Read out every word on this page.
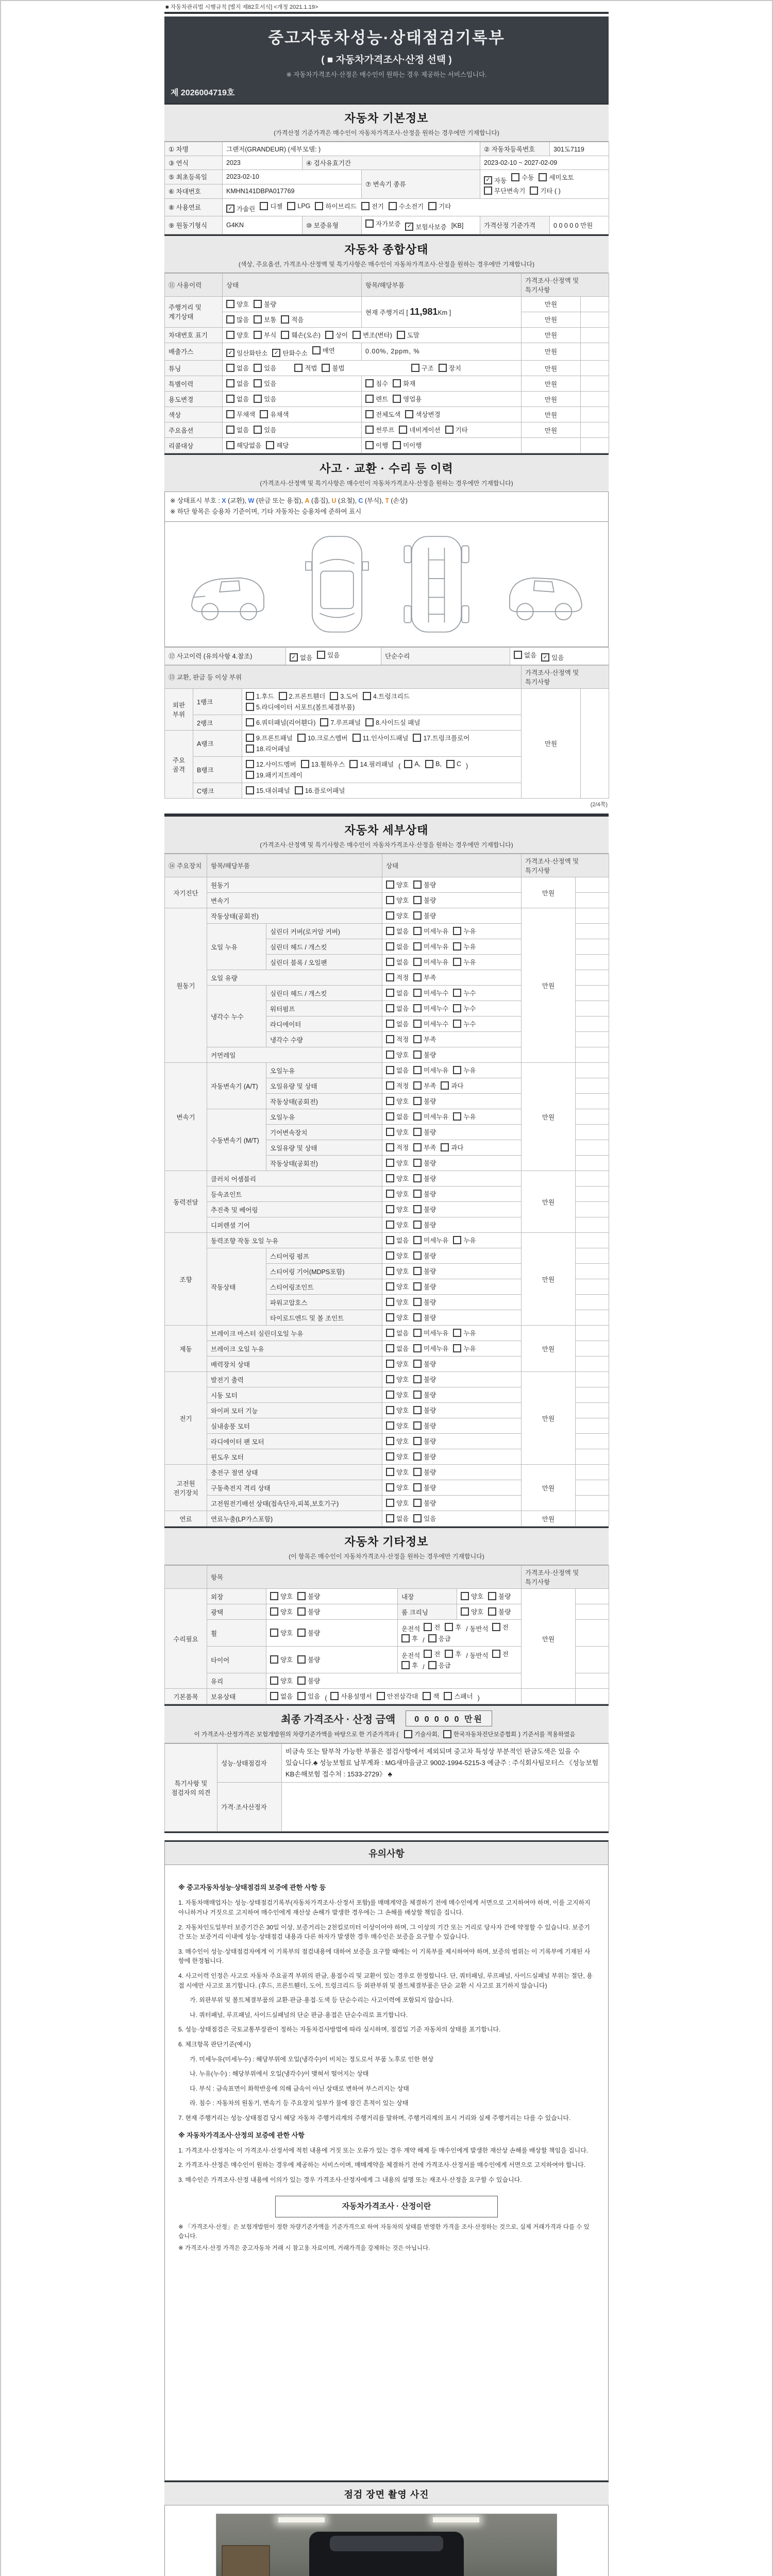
■ 자동차관리법 시행규칙 [별지 제82호서식] <개정 2021.1.19>
중고자동차성능·상태점검기록부
( ■ 자동차가격조사·산정 선택 )
※ 자동차가격조사·산정은 매수인이 원하는 경우 제공하는 서비스입니다.
제 2026004719호
자동차 기본정보
(가격산정 기준가격은 매수인이 자동차가격조사·산정을 원하는 경우에만 기재합니다)
① 차명	그랜저(GRANDEUR) (세부모델: )			② 자동차등록번호	301도7119
③ 연식	2023	④ 검사유효기간		2023-02-10 ~ 2027-02-09	
⑤ 최초등록일	2023-02-10	⑦ 변속기 종류	
✓ 자동 수동 세미오토

무단변속기 기타 ( )

⑥ 차대번호	KMHN141DBPA017769				
⑧ 사용연료	✓ 가솔린 디젤 LPG 하이브리드 전기 수소전기 기타

⑨ 원동기형식	G4KN	⑩ 보증유형	자가보증 ✓ 보험사보증 [KB]	가격산정 기준가격	0 0 0 0 0 만원
자동차 종합상태
(색상, 주요옵션, 가격조사·산정액 및 특기사항은 매수인이 자동차가격조사·산정을 원하는 경우에만 기재합니다)
⑪ 사용이력	상태	항목/해당부품	가격조사·산정액 및 특기사항	
주행거리 및 계기상태	양호 불량	현재 주행거리 [ 11,981Km ]	만원	

	많음 보통 적음		만원	
차대번호 표기	양호 부식 훼손(오손) 상이 변조(변타) 도말	만원	
배출가스	✓ 일산화탄소 ✓ 탄화수소 매연	0.00%, 2ppm, %	만원	
튜닝	없음 있음	적법 불법	구조 장치	만원	
특별이력	없음 있음	침수 화재	만원	
용도변경	없음 있음	렌트 영업용	만원	
색상	무채색 유채색	전체도색 색상변경	만원	
주요옵션	없음 있음	썬루프 네비게이션 기타	만원	
리콜대상	해당없음 해당	이행 미이행		

사고 · 교환 · 수리 등 이력
(가격조사·산정액 및 특기사항은 매수인이 자동차가격조사·산정을 원하는 경우에만 기재합니다)
※ 상태표시 부호 : X (교환), W (판금 또는 용접), A (흠집), U (요철), C (부식), T (손상)
※ 하단 항목은 승용차 기준이며, 기타 자동차는 승용차에 준하여 표시
⑫ 사고이력 (유의사항 4.참조)	✓ 없음 있음	단순수리	없음	✓ 있음
⑬ 교환, 판금 등 이상 부위			가격조사·산정액 및 특기사항	
외판 부위	1랭크	1.후드 2.프론트휀더 3.도어 4.트렁크리드

5.라디에이터 서포트(볼트체결부품)	만원	
	2랭크	6.쿼터패널(리어휀다) 7.루프패널 8.사이드실 패널		

주요 골격	A랭크	9.프론트패널 10.크로스멤버 11.인사이드패널 17.트렁크플로어

18.리어패널		

B랭크	
12.사이드멤버 13.휠하우스 14.필러패널 ( A, B, C )

19.패키지트레이

	C랭크	15.대쉬패널 16.플로어패널		
(2/4쪽)
자동차 세부상태
(가격조사·산정액 및 특기사항은 매수인이 자동차가격조사·산정을 원하는 경우에만 기재합니다)
⑭ 주요장치	항목/해당부품		상태	가격조사·산정액 및 특기사항	
자기진단	원동기		양호 불량	만원	
	변속기		양호 불량		

원동기	작동상태(공회전)		양호 불량	만원	
	오일 누유	실린더 커버(로커암 커버)	없음 미세누유 누유		

		실린더 헤드 / 개스킷	없음 미세누유 누유		

		실린더 블록 / 오일팬	없음 미세누유 누유		

	오일 유량		적정 부족		

	냉각수 누수	실린더 헤드 / 개스킷	없음 미세누수 누수		

		워터펌프	없음 미세누수 누수		

		라디에이터	없음 미세누수 누수		

		냉각수 수량	적정 부족		

	커먼레일		양호 불량		

변속기	자동변속기 (A/T)	오일누유	없음 미세누유 누유	만원	
		오일유량 및 상태	적정 부족 과다		

		작동상태(공회전)	양호 불량		

	수동변속기 (M/T)	오일누유	없음 미세누유 누유		

		기어변속장치	양호 불량		

		오일유량 및 상태	적정 부족 과다		

		작동상태(공회전)	양호 불량		

동력전달	클러치 어셈블리		양호 불량	만원	
	등속죠인트		양호 불량		

	추진축 및 베어링		양호 불량		

	디퍼렌셜 기어		양호 불량		

조향	동력조향 작동 오일 누유		없음 미세누유 누유	만원	
	작동상태	스티어링 펌프	양호 불량		

		스티어링 기어(MDPS포함)	양호 불량		

		스티어링조인트	양호 불량		

		파워고압호스	양호 불량		

		타이로드엔드 및 볼 조인트	양호 불량		

제동	브레이크 마스터 실린더오일 누유		없음 미세누유 누유	만원	
	브레이크 오일 누유		없음 미세누유 누유		

	배력장치 상태		양호 불량		

전기	발전기 출력		양호 불량	만원	
	시동 모터		양호 불량		

	와이퍼 모터 기능		양호 불량		

	실내송풍 모터		양호 불량		

	라디에이터 팬 모터		양호 불량		

	윈도우 모터		양호 불량		

고전원 전기장치	충전구 절연 상태		양호 불량	만원	
	구동축전지 격리 상태		양호 불량		

	고전원전기배선 상태(접속단자,피복,보호기구)		양호 불량		

연료	연료누출(LP가스포함)		없음 있음	만원	
자동차 기타정보
(이 항목은 매수인이 자동차가격조사·산정을 원하는 경우에만 기재합니다)
	항목				가격조사·산정액 및 특기사항	
수리필요	외장	양호 불량	내장	양호 불량	만원	
	광택	양호 불량	룸 크리닝	양호 불량		

휠	양호 불량
	운전석 전 후 / 동반석 전
후 / 응급

타이어	양호 불량
	운전석 전 후 / 동반석 전
후 / 응급

	유리	양호 불량				

기본품목	보유상태	없음 있음 ( 사용설명서 안전삼각대 잭 스패너 )		
최종 가격조사 · 산정 금액	0 0 0 0 0 만원
이 가격조사·산정가격은 보험개발원의 차량기준가액을 바탕으로 한 기준가격과 (	기술사회, 한국자동차진단보증협회 ) 기준서를 적용하였음
특기사항 및 점검자의 의견	성능·상태점검자	비금속 또는 탈부착 가능한 부품은 점검사항에서 제외되며 중고차 특성상 부분적인 판금도색은 있을 수 있습니다.♣ 성능보험료 납부계좌 : MG새마을금고 9002-1994-5215-3 예금주 : 주식회사팀모터스 《성능보험 KB손해보험 접수처 : 1533-2729》 ♣
	가격·조사산정자	
유의사항

※ 중고자동차성능·상태점검의 보증에 관한 사항 등

1. 자동차매매업자는 성능·상태점검기록부(자동차가격조사·산정서 포함)를 매매계약을 체결하기 전에 매수인에게 서면으로 고지하여야 하며, 이를 고지하지 아니하거나 거짓으로 고지하여 매수인에게 재산상 손해가 발생한 경우에는 그 손해를 배상할 책임을 집니다.

2. 자동차인도일부터 보증기간은 30일 이상, 보증거리는 2천킬로미터 이상이어야 하며, 그 이상의 기간 또는 거리로 당사자 간에 약정할 수 있습니다. 보증기간 또는 보증거리 이내에 성능·상태점검 내용과 다른 하자가 발생한 경우 매수인은 보증을 요구할 수 있습니다.

3. 매수인이 성능·상태점검자에게 이 기록부의 점검내용에 대하여 보증을 요구할 때에는 이 기록부를 제시하여야 하며, 보증의 범위는 이 기록부에 기재된 사항에 한정됩니다.

4. 사고이력 인정은 사고로 자동차 주요골격 부위의 판금, 용접수리 및 교환이 있는 경우로 한정합니다. 단, 쿼터패널, 루프패널, 사이드실패널 부위는 절단, 용접 시에만 사고로 표기합니다. (후드, 프론트휀더, 도어, 트렁크리드 등 외판부위 및 볼트체결부품은 단순 교환 시 사고로 표기하지 않습니다)

가. 외판부위 및 볼트체결부품의 교환·판금·용접·도색 등 단순수리는 사고이력에 포함되지 않습니다.

나. 쿼터패널, 루프패널, 사이드실패널의 단순 판금·용접은 단순수리로 표기합니다.

5. 성능·상태점검은 국토교통부장관이 정하는 자동차검사방법에 따라 실시하며, 점검일 기준 자동차의 상태를 표기합니다.

6. 체크항목 판단기준(예시)

가. 미세누유(미세누수) : 해당부위에 오일(냉각수)이 비치는 정도로서 부품 노후로 인한 현상

나. 누유(누수) : 해당부위에서 오일(냉각수)이 맺혀서 떨어지는 상태

다. 부식 : 금속표면이 화학반응에 의해 금속이 아닌 상태로 변하여 부스러지는 상태

라. 침수 : 자동차의 원동기, 변속기 등 주요장치 일부가 물에 잠긴 흔적이 있는 상태

7. 현재 주행거리는 성능·상태점검 당시 해당 자동차 주행거리계의 주행거리를 말하며, 주행거리계의 표시 거리와 실제 주행거리는 다를 수 있습니다.

※ 자동차가격조사·산정의 보증에 관한 사항

1. 가격조사·산정자는 이 가격조사·산정서에 적힌 내용에 거짓 또는 오류가 있는 경우 계약 해제 등 매수인에게 발생한 재산상 손해를 배상할 책임을 집니다.

2. 가격조사·산정은 매수인이 원하는 경우에 제공하는 서비스이며, 매매계약을 체결하기 전에 가격조사·산정서를 매수인에게 서면으로 고지하여야 합니다.

3. 매수인은 가격조사·산정 내용에 이의가 있는 경우 가격조사·산정자에게 그 내용의 설명 또는 재조사·산정을 요구할 수 있습니다.

자동차가격조사 · 산정이란
※ 「가격조사·산정」은 보험개발원이 정한 차량기준가액을 기준가격으로 하여 자동차의 상태를 반영한 가격을 조사·산정하는 것으로, 실제 거래가격과 다를 수 있습니다.
※ 가격조사·산정 가격은 중고자동차 거래 시 참고용 자료이며, 거래가격을 강제하는 것은 아닙니다.
점검 장면 촬영 사진
